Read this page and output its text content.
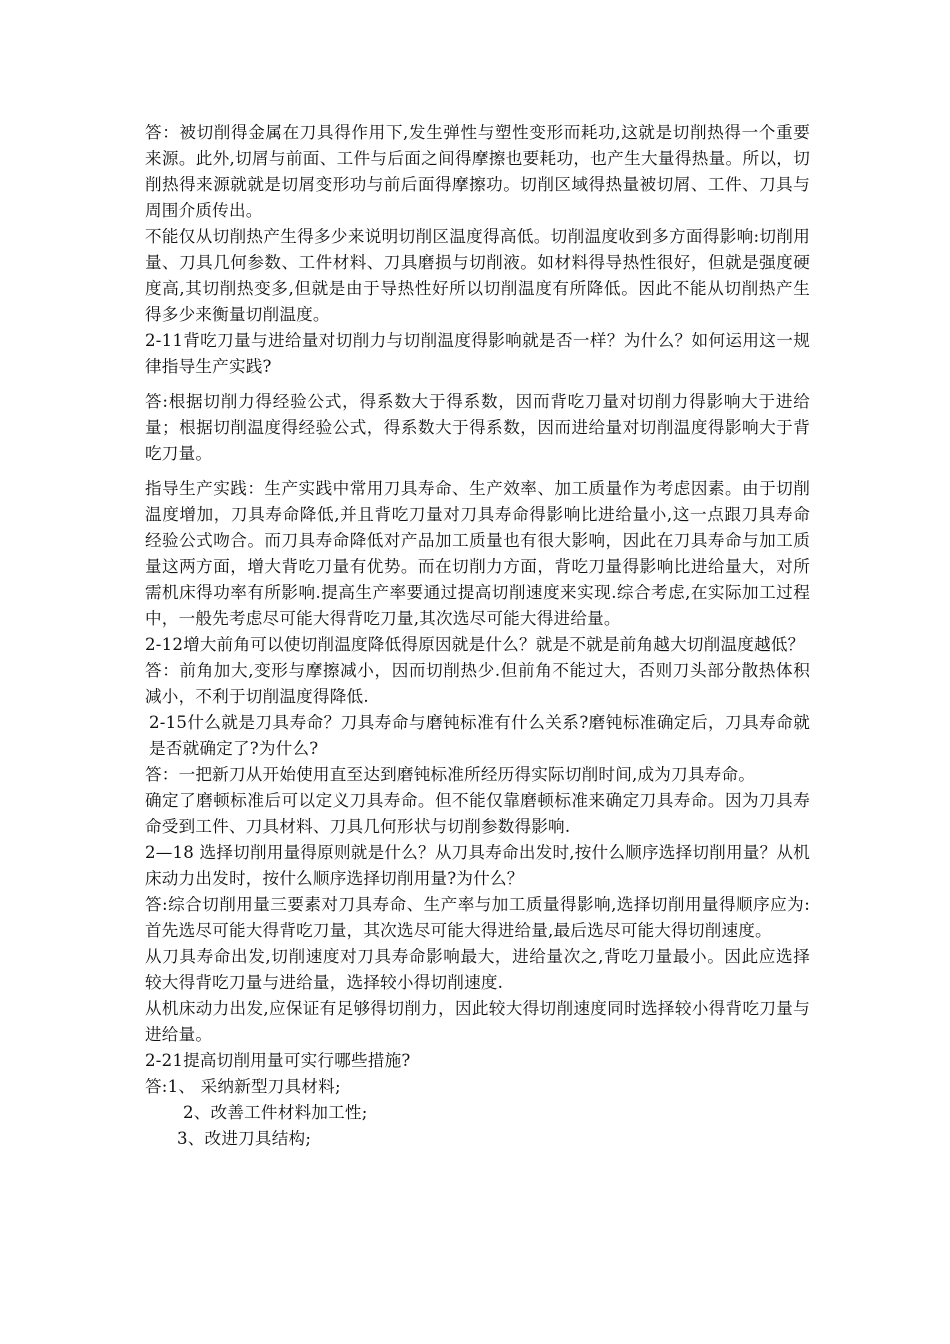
答：被切削得金属在刀具得作用下,发生弹性与塑性变形而耗功,这就是切削热得一个重要来源。此外,切屑与前面、工件与后面之间得摩擦也要耗功，也产生大量得热量。所以，切削热得来源就就是切屑变形功与前后面得摩擦功。切削区域得热量被切屑、工件、刀具与周围介质传出。

不能仅从切削热产生得多少来说明切削区温度得高低。切削温度收到多方面得影响:切削用量、刀具几何参数、工件材料、刀具磨损与切削液。如材料得导热性很好，但就是强度硬度高,其切削热变多,但就是由于导热性好所以切削温度有所降低。因此不能从切削热产生得多少来衡量切削温度。

2-11背吃刀量与进给量对切削力与切削温度得影响就是否一样？为什么？如何运用这一规律指导生产实践?

答:根据切削力得经验公式，得系数大于得系数，因而背吃刀量对切削力得影响大于进给量；根据切削温度得经验公式，得系数大于得系数，因而进给量对切削温度得影响大于背吃刀量。

指导生产实践：生产实践中常用刀具寿命、生产效率、加工质量作为考虑因素。由于切削温度增加，刀具寿命降低,并且背吃刀量对刀具寿命得影响比进给量小,这一点跟刀具寿命经验公式吻合。而刀具寿命降低对产品加工质量也有很大影响，因此在刀具寿命与加工质量这两方面，增大背吃刀量有优势。而在切削力方面，背吃刀量得影响比进给量大，对所需机床得功率有所影响.提高生产率要通过提高切削速度来实现.综合考虑,在实际加工过程中，一般先考虑尽可能大得背吃刀量,其次选尽可能大得进给量。

2-12增大前角可以使切削温度降低得原因就是什么？就是不就是前角越大切削温度越低？

答：前角加大,变形与摩擦减小，因而切削热少.但前角不能过大，否则刀头部分散热体积减小，不利于切削温度得降低.

2-15什么就是刀具寿命？刀具寿命与磨钝标准有什么关系?磨钝标准确定后，刀具寿命就是否就确定了?为什么?

答：一把新刀从开始使用直至达到磨钝标准所经历得实际切削时间,成为刀具寿命。

确定了磨顿标准后可以定义刀具寿命。但不能仅靠磨顿标准来确定刀具寿命。因为刀具寿命受到工件、刀具材料、刀具几何形状与切削参数得影响.

2—18 选择切削用量得原则就是什么？从刀具寿命出发时,按什么顺序选择切削用量？从机床动力出发时，按什么顺序选择切削用量?为什么？

答:综合切削用量三要素对刀具寿命、生产率与加工质量得影响,选择切削用量得顺序应为:首先选尽可能大得背吃刀量，其次选尽可能大得进给量,最后选尽可能大得切削速度。

从刀具寿命出发,切削速度对刀具寿命影响最大，进给量次之,背吃刀量最小。因此应选择较大得背吃刀量与进给量，选择较小得切削速度.

从机床动力出发,应保证有足够得切削力，因此较大得切削速度同时选择较小得背吃刀量与进给量。

2-21提高切削用量可实行哪些措施?

答:1、 采纳新型刀具材料;

2、改善工件材料加工性;

3、改进刀具结构;
